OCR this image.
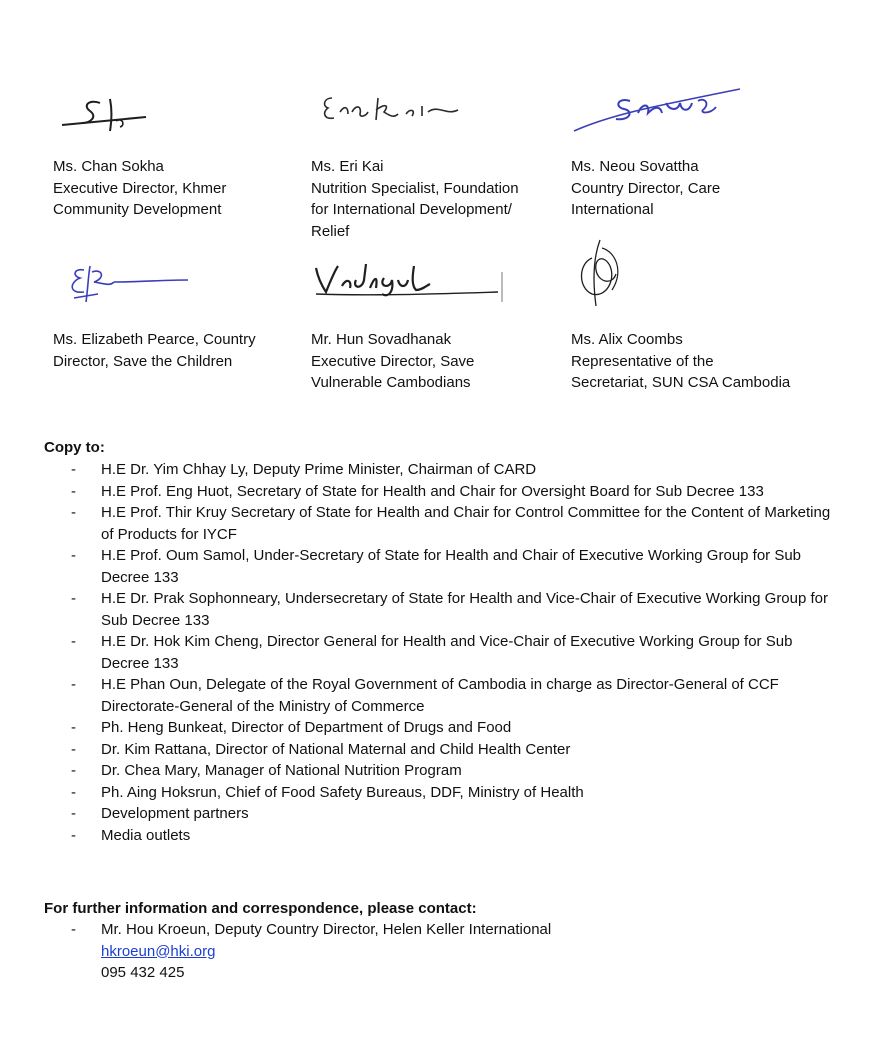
Ms. Chan Sokha
Executive Director, Khmer
Community Development
Ms. Eri Kai
Nutrition Specialist, Foundation
for International Development/
Relief
Ms. Neou Sovattha
Country Director, Care
International
Ms. Elizabeth Pearce, Country
Director, Save the Children
Mr. Hun Sovadhanak
Executive Director, Save
Vulnerable Cambodians
Ms. Alix Coombs
Representative of the
Secretariat, SUN CSA Cambodia
Copy to:
- H.E Dr. Yim Chhay Ly, Deputy Prime Minister, Chairman of CARD
- H.E Prof. Eng Huot, Secretary of State for Health and Chair for Oversight Board for Sub Decree 133
- H.E Prof. Thir Kruy Secretary of State for Health and Chair for Control Committee for the Content of Marketing of Products for IYCF
- H.E Prof. Oum Samol, Under-Secretary of State for Health and Chair of Executive Working Group for Sub Decree 133
- H.E Dr. Prak Sophonneary, Undersecretary of State for Health and Vice-Chair of Executive Working Group for Sub Decree 133
- H.E Dr. Hok Kim Cheng, Director General for Health and Vice-Chair of Executive Working Group for Sub Decree 133
- H.E Phan Oun, Delegate of the Royal Government of Cambodia in charge as Director-General of CCF Directorate-General of the Ministry of Commerce
- Ph. Heng Bunkeat, Director of Department of Drugs and Food
- Dr. Kim Rattana, Director of National Maternal and Child Health Center
- Dr. Chea Mary, Manager of National Nutrition Program
- Ph. Aing Hoksrun, Chief of Food Safety Bureaus, DDF, Ministry of Health
- Development partners
- Media outlets
For further information and correspondence, please contact:
- Mr. Hou Kroeun, Deputy Country Director, Helen Keller International
hkroeun@hki.org
095 432 425
